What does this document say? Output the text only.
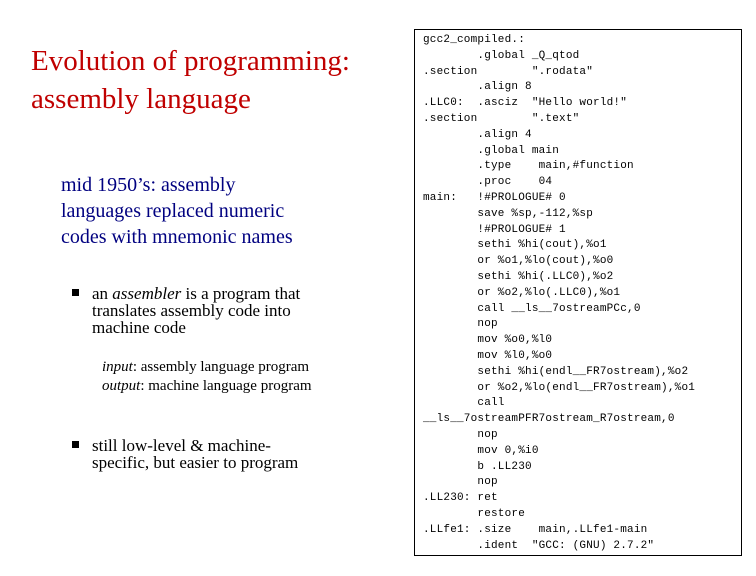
Evolution of programming:
assembly language
mid 1950’s: assembly
languages replaced numeric
codes with mnemonic names
an assembler is a program that
translates assembly code into
machine code
input: assembly language program
output: machine language program
still low-level & machine-
specific, but easier to program
gcc2_compiled.:
.global _Q_qtod
.section        ".rodata"
.align 8
.LLC0:  .asciz  "Hello world!"
.section        ".text"
.align 4
.global main
.type    main,#function
.proc    04
main:   !#PROLOGUE# 0
save %sp,-112,%sp
!#PROLOGUE# 1
sethi %hi(cout),%o1
or %o1,%lo(cout),%o0
sethi %hi(.LLC0),%o2
or %o2,%lo(.LLC0),%o1
call __ls__7ostreamPCc,0
nop
mov %o0,%l0
mov %l0,%o0
sethi %hi(endl__FR7ostream),%o2
or %o2,%lo(endl__FR7ostream),%o1
call
__ls__7ostreamPFR7ostream_R7ostream,0
nop
mov 0,%i0
b .LL230
nop
.LL230: ret
restore
.LLfe1: .size    main,.LLfe1-main
.ident  "GCC: (GNU) 2.7.2"
